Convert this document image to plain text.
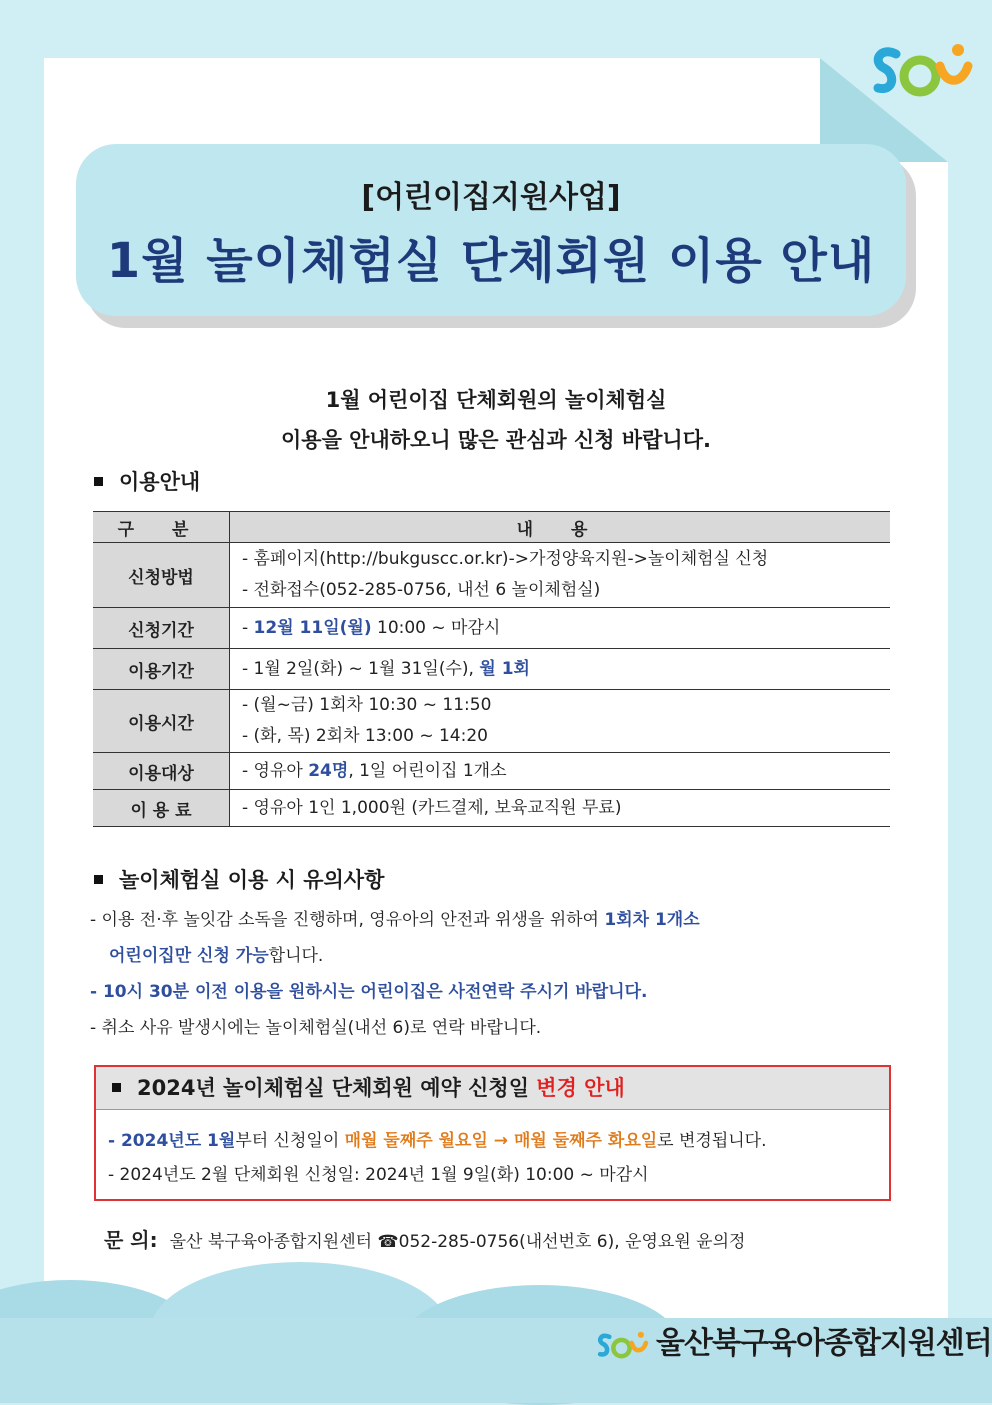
[어린이집지원사업]
1월 놀이체험실 단체회원 이용 안내
1월 어린이집 단체회원의 놀이체험실
이용을 안내하오니 많은 관심과 신청 바랍니다.
이용안내
구 분	내 용
신청방법	- 홈페이지(http://bukguscc.or.kr)->가정양육지원->놀이체험실 신청
- 전화접수(052-285-0756, 내선 6 놀이체험실)

신청기간	- 12월 11일(월) 10:00 ~ 마감시
이용기간	- 1월 2일(화) ~ 1월 31일(수), 월 1회
이용시간	- (월~금) 1회차 10:30 ~ 11:50
- (화, 목) 2회차 13:00 ~ 14:20

이용대상	- 영유아 24명, 1일 어린이집 1개소
이 용 료	- 영유아 1인 1,000원 (카드결제, 보육교직원 무료)
놀이체험실 이용 시 유의사항
- 이용 전·후 놀잇감 소독을 진행하며, 영유아의 안전과 위생을 위하여 1회차 1개소
어린이집만 신청 가능합니다.
- 10시 30분 이전 이용을 원하시는 어린이집은 사전연락 주시기 바랍니다.
- 취소 사유 발생시에는 놀이체험실(내선 6)로 연락 바랍니다.
2024년 놀이체험실 단체회원 예약 신청일 변경 안내
- 2024년도 1월부터 신청일이 매월 둘째주 월요일 → 매월 둘째주 화요일로 변경됩니다.
- 2024년도 2월 단체회원 신청일: 2024년 1월 9일(화) 10:00 ~ 마감시
문 의: 울산 북구육아종합지원센터 ☎052-285-0756(내선번호 6), 운영요원 윤의정
울산북구육아종합지원센터
